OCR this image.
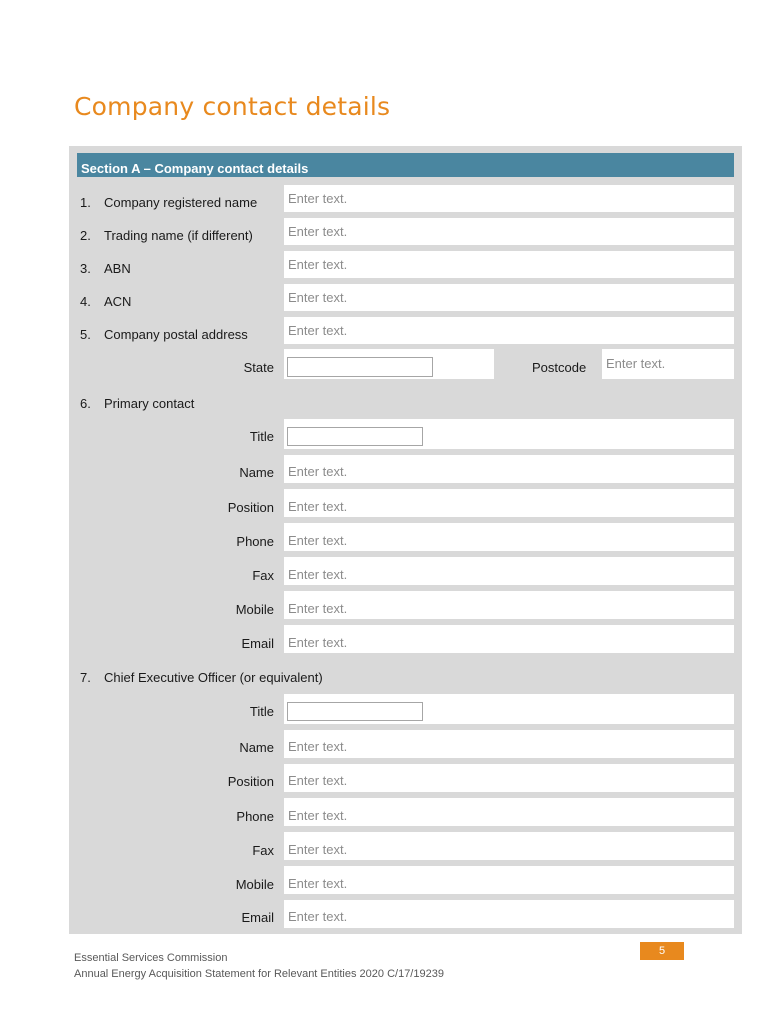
Company contact details
Section A – Company contact details
1. Company registered name Enter text.
2. Trading name (if different)	Enter text.
3. ABN	Enter text.
4. ACN	Enter text.
5. Company postal address	Enter text.
State	Postcode Enter text.
6. Primary contact
Title
Name Enter text.
Position Enter text.
Phone Enter text.
Fax Enter text.
Mobile Enter text.
Email Enter text.
7. Chief Executive Officer (or equivalent)
Title
Name Enter text.
Position Enter text.
Phone Enter text.
Fax Enter text.
Mobile Enter text.
Email Enter text.
5
Essential Services Commission
Annual Energy Acquisition Statement for Relevant Entities 2020 C/17/19239
